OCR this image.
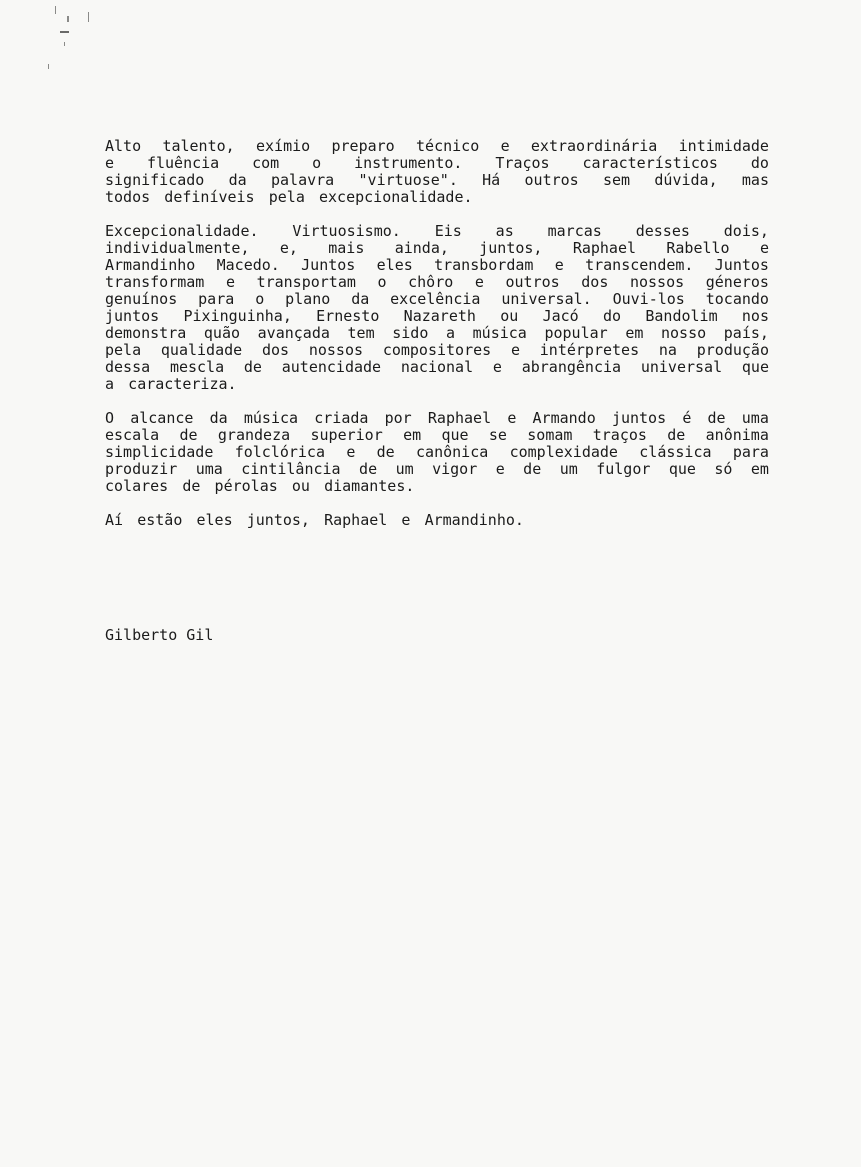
Alto talento, exímio preparo técnico e extraordinária intimidade
e fluência com o instrumento. Traços característicos do
significado da palavra "virtuose". Há outros sem dúvida, mas
todos definíveis pela excepcionalidade.
Excepcionalidade. Virtuosismo. Eis as marcas desses dois,
individualmente, e, mais ainda, juntos, Raphael Rabello e
Armandinho Macedo. Juntos eles transbordam e transcendem. Juntos
transformam e transportam o chôro e outros dos nossos géneros
genuínos para o plano da excelência universal. Ouvi-los tocando
juntos Pixinguinha, Ernesto Nazareth ou Jacó do Bandolim nos
demonstra quão avançada tem sido a música popular em nosso país,
pela qualidade dos nossos compositores e intérpretes na produção
dessa mescla de autencidade nacional e abrangência universal que
a caracteriza.
O alcance da música criada por Raphael e Armando juntos é de uma
escala de grandeza superior em que se somam traços de anônima
simplicidade folclórica e de canônica complexidade clássica para
produzir uma cintilância de um vigor e de um fulgor que só em
colares de pérolas ou diamantes.
Aí estão eles juntos, Raphael e Armandinho.
Gilberto Gil
